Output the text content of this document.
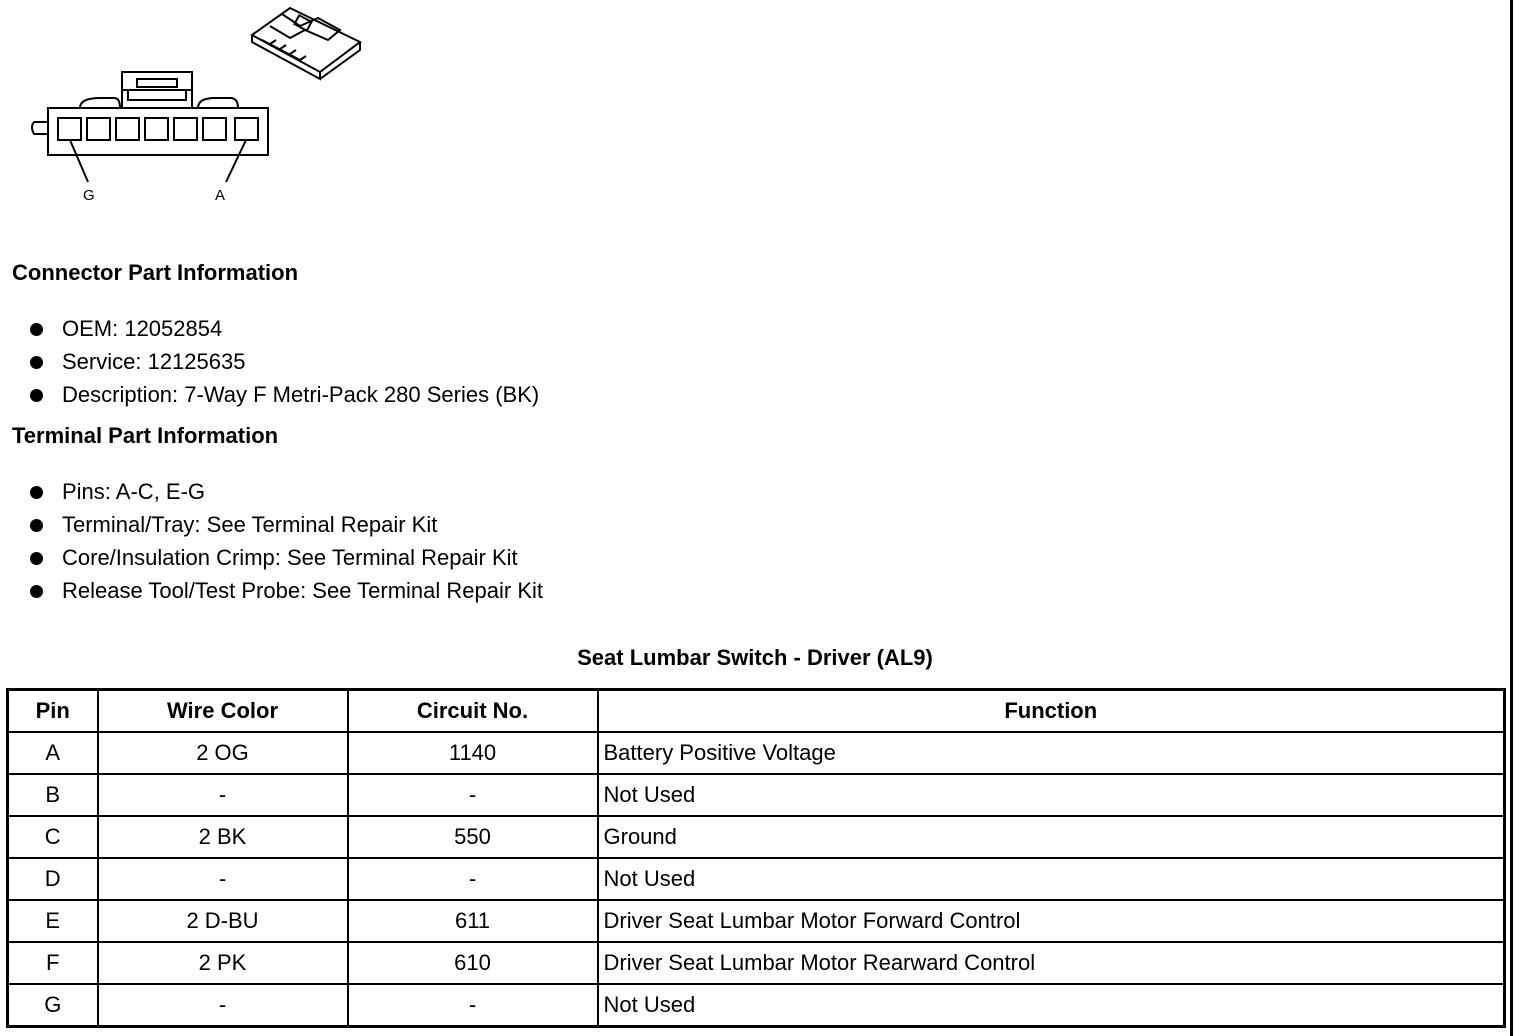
G	A
Connector Part Information
OEM: 12052854
Service: 12125635
Description: 7-Way F Metri-Pack 280 Series (BK)
Terminal Part Information
Pins: A-C, E-G
Terminal/Tray: See Terminal Repair Kit
Core/Insulation Crimp: See Terminal Repair Kit
Release Tool/Test Probe: See Terminal Repair Kit
Seat Lumbar Switch - Driver (AL9)
Pin	Wire Color	Circuit No.	Function
A	2 OG	1140	Battery Positive Voltage
B	-	-	Not Used
C	2 BK	550	Ground
D	-	-	Not Used
E	2 D-BU	611	Driver Seat Lumbar Motor Forward Control
F	2 PK	610	Driver Seat Lumbar Motor Rearward Control
G	-	-	Not Used
